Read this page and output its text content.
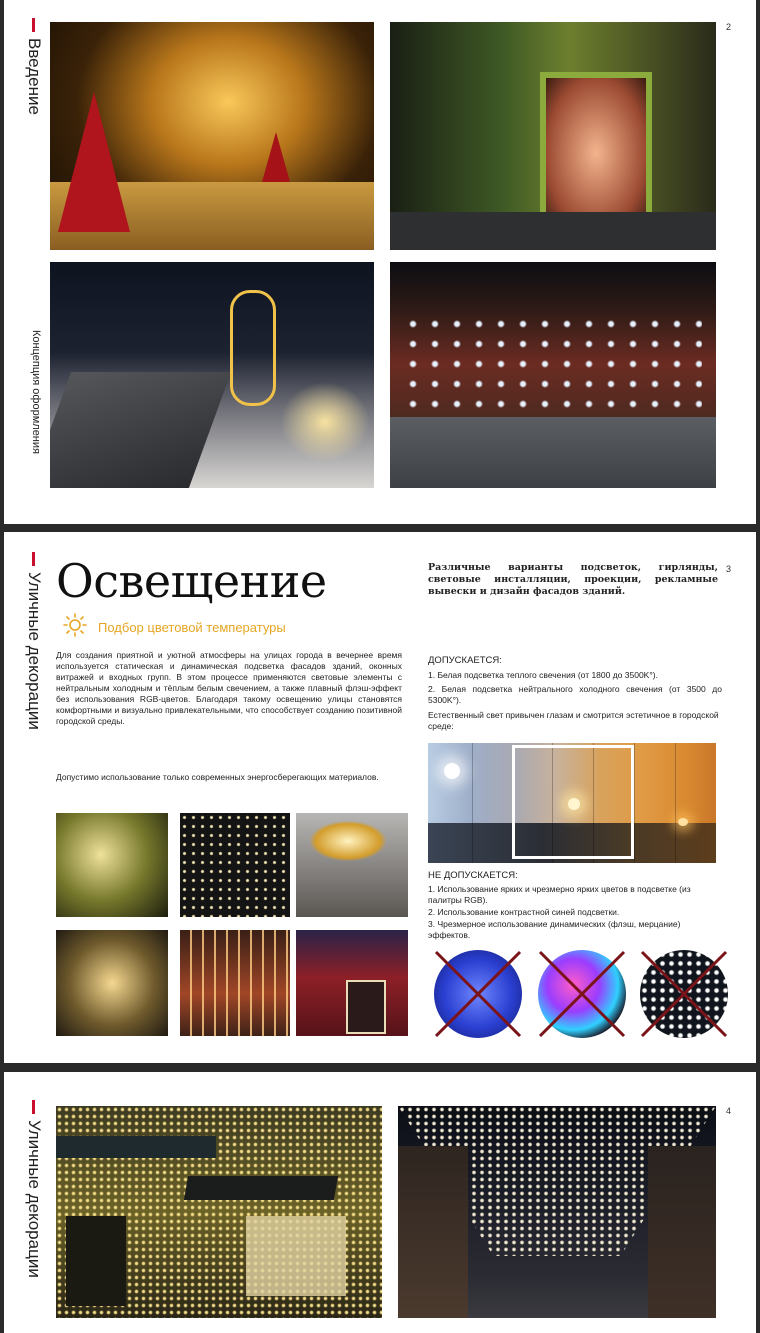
Введение
Концепция оформления
2
Уличные декорации
3
Освещение
Подбор цветовой температуры
Для создания приятной и уютной атмосферы на улицах города в вечернее время используется статическая и динамическая подсветка фасадов зданий, оконных витражей и входных групп. В этом процессе применяются световые элементы с нейтральным холодным и тёплым белым свечением, а также плавный флэш-эффект без использования RGB-цветов. Благодаря такому освещению улицы становятся комфортными и визуально привлекательными, что способствует созданию позитивной городской среды.
Допустимо использование только современных энергосберегающих материалов.
Различные варианты подсветок, гирлянды, световые инсталляции, проекции, рекламные вывески и дизайн фасадов зданий.
ДОПУСКАЕТСЯ:
1. Белая подсветка теплого свечения (от 1800 до 3500K°).
2. Белая подсветка нейтрального холодного свечения (от 3500 до 5300K°).
Естественный свет привычен глазам и смотрится эстетичное в городской среде:
НЕ ДОПУСКАЕТСЯ:
1. Использование ярких и чрезмерно ярких цветов в подсветке (из палитры RGB).
2. Использование контрастной синей подсветки.
3. Чрезмерное использование динамических (флэш, мерцание) эффектов.
Уличные декорации
4
